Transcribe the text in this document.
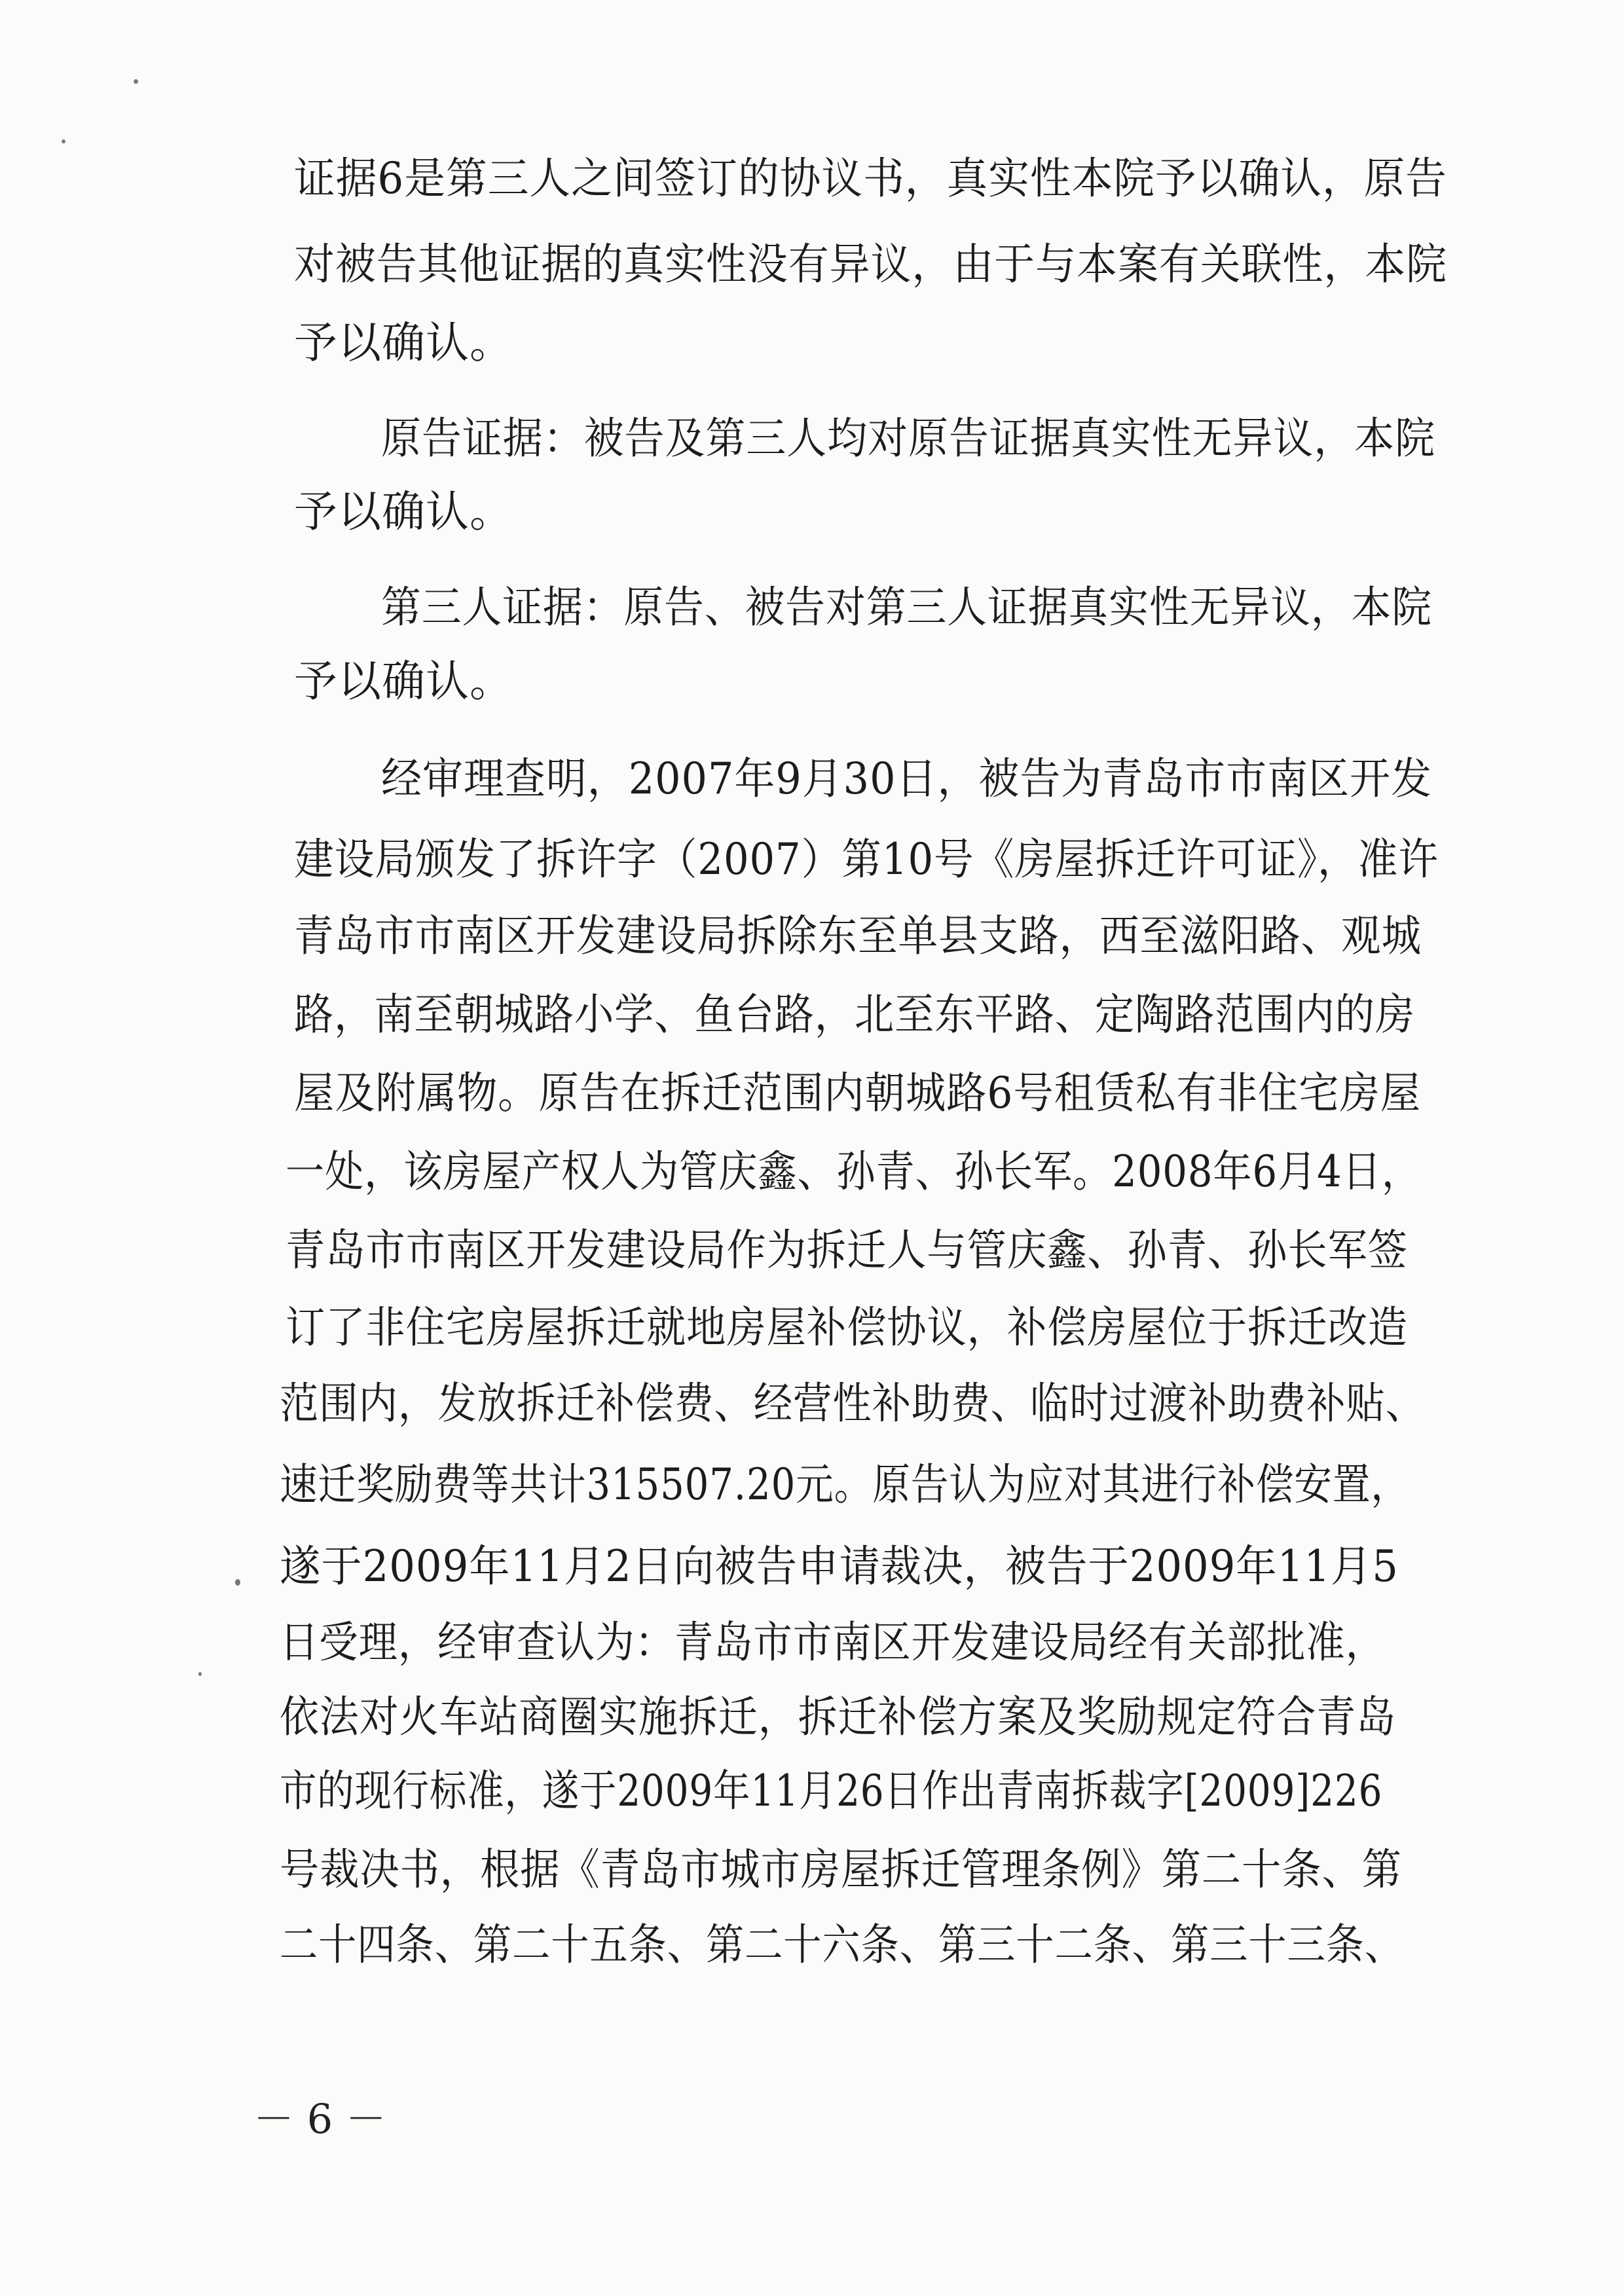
证据6是第三人之间签订的协议书，真实性本院予以确认，原告
对被告其他证据的真实性没有异议，由于与本案有关联性，本院
予以确认。
原告证据：被告及第三人均对原告证据真实性无异议，本院
予以确认。
第三人证据：原告、被告对第三人证据真实性无异议，本院
予以确认。
经审理查明，2007年9月30日，被告为青岛市市南区开发
建设局颁发了拆许字（2007）第10号《房屋拆迁许可证》，准许
青岛市市南区开发建设局拆除东至单县支路，西至滋阳路、观城
路，南至朝城路小学、鱼台路，北至东平路、定陶路范围内的房
屋及附属物。原告在拆迁范围内朝城路6号租赁私有非住宅房屋
一处，该房屋产权人为管庆鑫、孙青、孙长军。2008年6月4日，
青岛市市南区开发建设局作为拆迁人与管庆鑫、孙青、孙长军签
订了非住宅房屋拆迁就地房屋补偿协议，补偿房屋位于拆迁改造
范围内，发放拆迁补偿费、经营性补助费、临时过渡补助费补贴、
速迁奖励费等共计315507.20元。原告认为应对其进行补偿安置，
遂于2009年11月2日向被告申请裁决，被告于2009年11月5
日受理，经审查认为：青岛市市南区开发建设局经有关部批准，
依法对火车站商圈实施拆迁，拆迁补偿方案及奖励规定符合青岛
市的现行标准，遂于2009年11月26日作出青南拆裁字[2009]226
号裁决书，根据《青岛市城市房屋拆迁管理条例》第二十条、第
二十四条、第二十五条、第二十六条、第三十二条、第三十三条、
－ 6 －
